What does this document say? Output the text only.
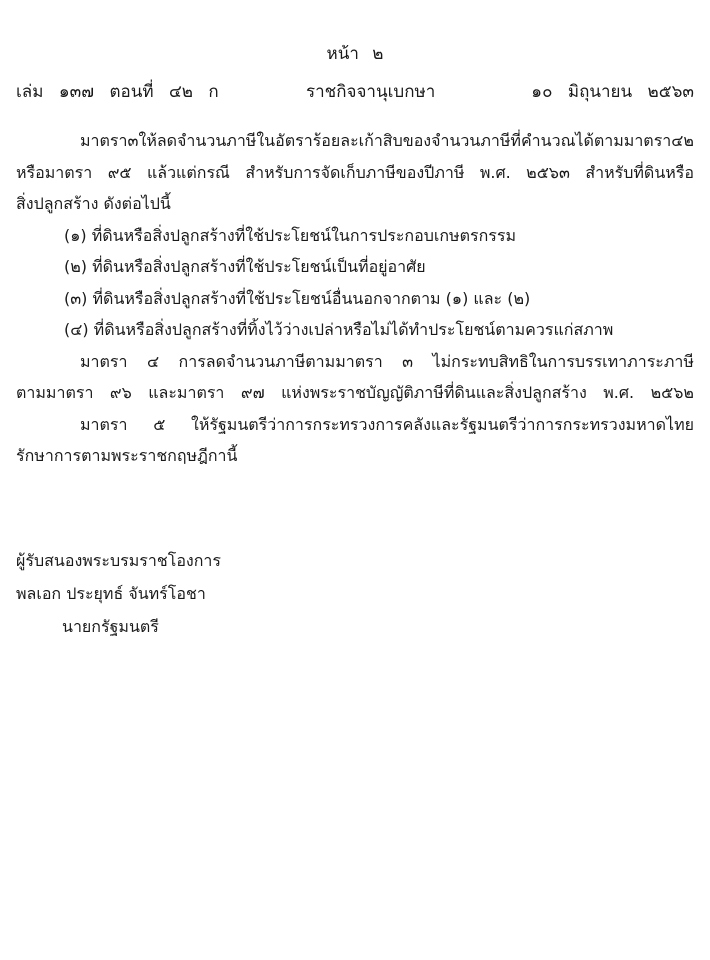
หน้า ๒
เล่ม ๑๓๗ ตอนที่ ๔๒ ก	ราชกิจจานุเบกษา	๑๐ มิถุนายน ๒๕๖๓
มาตรา ๓ ให้ลดจำนวนภาษีในอัตราร้อยละเก้าสิบ ของจำนวนภาษีที่คำนวณได้ตามมาตรา ๔๒
หรือมาตรา ๙๕ แล้วแต่กรณี สำหรับการจัดเก็บภาษีของปีภาษี พ.ศ. ๒๕๖๓ สำหรับที่ดินหรือ
สิ่งปลูกสร้าง ดังต่อไปนี้
(๑) ที่ดินหรือสิ่งปลูกสร้างที่ใช้ประโยชน์ในการประกอบเกษตรกรรม
(๒) ที่ดินหรือสิ่งปลูกสร้างที่ใช้ประโยชน์เป็นที่อยู่อาศัย
(๓) ที่ดินหรือสิ่งปลูกสร้างที่ใช้ประโยชน์อื่นนอกจากตาม (๑) และ (๒)
(๔) ที่ดินหรือสิ่งปลูกสร้างที่ทิ้งไว้ว่างเปล่าหรือไม่ได้ทำประโยชน์ตามควรแก่สภาพ
มาตรา ๔ การลดจำนวนภาษีตามมาตรา ๓ ไม่กระทบสิทธิในการบรรเทาภาระภาษี
ตามมาตรา ๙๖ และมาตรา ๙๗ แห่งพระราชบัญญัติภาษีที่ดินและสิ่งปลูกสร้าง พ.ศ. ๒๕๖๒
มาตรา ๕ ให้รัฐมนตรีว่าการกระทรวงการคลังและรัฐมนตรีว่าการกระทรวงมหาดไทย
รักษาการตามพระราชกฤษฎีกานี้
ผู้รับสนองพระบรมราชโองการ
พลเอก ประยุทธ์ จันทร์โอชา
นายกรัฐมนตรี
